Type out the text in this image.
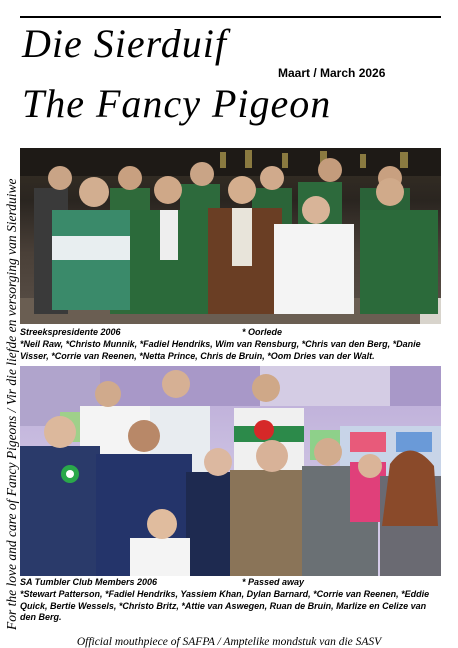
Die Sierduif
Maart / March 2026
The Fancy Pigeon
For the love and care of Fancy Pigeons / Vir die liefde en versorging van Sierduiwe Streekspresidente 2006	* Oorlede
*Neil Raw, *Christo Munnik, *Fadiel Hendriks, Wim van Rensburg, *Chris van den Berg, *Danie Visser, *Corrie van Reenen, *Netta Prince, Chris de Bruin, *Oom Dries van der Walt.
SA Tumbler Club Members 2006	* Passed away
*Stewart Patterson, *Fadiel Hendriks, Yassiem Khan, Dylan Barnard, *Corrie van Reenen, *Eddie Quick, Bertie Wessels, *Christo Britz, *Attie van Aswegen, Ruan de Bruin, Marlize en Celize van den Berg.
Official mouthpiece of SAFPA / Amptelike mondstuk van die SASV
